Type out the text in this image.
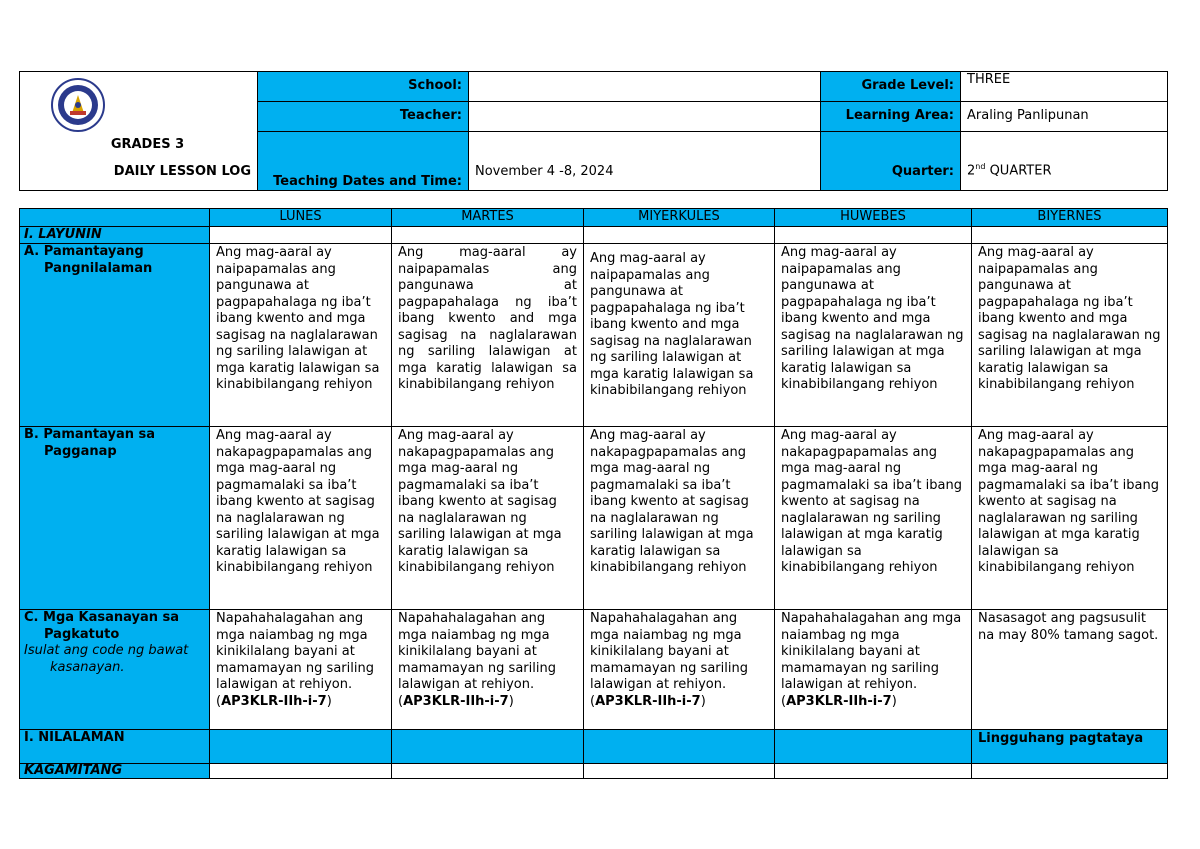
GRADES 3
DAILY LESSON LOG	School:		Grade Level:	THREE
	Teacher:		Learning Area:	Araling Panlipunan
	Teaching Dates and Time:	November 4 -8, 2024	Quarter:	2nd QUARTER
	LUNES	MARTES	MIYERKULES	HUWEBES	BIYERNES
I. LAYUNIN					

A. Pamantayang
Pangnilalaman	Ang mag-aaral ay naipapamalas ang pangunawa at pagpapahalaga ng iba’t ibang kwento and mga sagisag na naglalarawan ng sariling lalawigan at mga karatig lalawigan sa kinabibilangang rehiyon	Ang mag-aaral ay naipapamalas ang pangunawa at pagpapahalaga ng iba’t ibang kwento and mga sagisag na naglalarawan ng sariling lalawigan at mga karatig lalawigan sa kinabibilangang rehiyon	Ang mag-aaral ay naipapamalas ang pangunawa at pagpapahalaga ng iba’t ibang kwento and mga sagisag na naglalarawan ng sariling lalawigan at mga karatig lalawigan sa kinabibilangang rehiyon	Ang mag-aaral ay naipapamalas ang pangunawa at pagpapahalaga ng iba’t ibang kwento and mga sagisag na naglalarawan ng sariling lalawigan at mga karatig lalawigan sa kinabibilangang rehiyon	Ang mag-aaral ay naipapamalas ang pangunawa at pagpapahalaga ng iba’t ibang kwento and mga sagisag na naglalarawan ng sariling lalawigan at mga karatig lalawigan sa kinabibilangang rehiyon

B. Pamantayan sa
Pagganap	Ang mag-aaral ay nakapagpapamalas ang mga mag-aaral ng pagmamalaki sa iba’t ibang kwento at sagisag na naglalarawan ng sariling lalawigan at mga karatig lalawigan sa kinabibilangang rehiyon	Ang mag-aaral ay nakapagpapamalas ang mga mag-aaral ng pagmamalaki sa iba’t ibang kwento at sagisag na naglalarawan ng sariling lalawigan at mga karatig lalawigan sa kinabibilangang rehiyon	Ang mag-aaral ay nakapagpapamalas ang mga mag-aaral ng pagmamalaki sa iba’t ibang kwento at sagisag na naglalarawan ng sariling lalawigan at mga karatig lalawigan sa kinabibilangang rehiyon	Ang mag-aaral ay nakapagpapamalas ang mga mag-aaral ng pagmamalaki sa iba’t ibang kwento at sagisag na naglalarawan ng sariling lalawigan at mga karatig lalawigan sa kinabibilangang rehiyon	Ang mag-aaral ay nakapagpapamalas ang mga mag-aaral ng pagmamalaki sa iba’t ibang kwento at sagisag na naglalarawan ng sariling lalawigan at mga karatig lalawigan sa kinabibilangang rehiyon

C. Mga Kasanayan sa
Pagkatuto
Isulat ang code ng bawat
kasanayan.	Napahahalagahan ang mga naiambag ng mga kinikilalang bayani at mamamayan ng sariling lalawigan at rehiyon. (AP3KLR-IIh-i-7)	Napahahalagahan ang mga naiambag ng mga kinikilalang bayani at mamamayan ng sariling lalawigan at rehiyon. (AP3KLR-IIh-i-7)	Napahahalagahan ang mga naiambag ng mga kinikilalang bayani at mamamayan ng sariling lalawigan at rehiyon. (AP3KLR-IIh-i-7)	Napahahalagahan ang mga naiambag ng mga kinikilalang bayani at mamamayan ng sariling lalawigan at rehiyon. (AP3KLR-IIh-i-7)	Nasasagot ang pagsusulit na may 80% tamang sagot.
I. NILALAMAN					Lingguhang pagtataya
KAGAMITANG					
